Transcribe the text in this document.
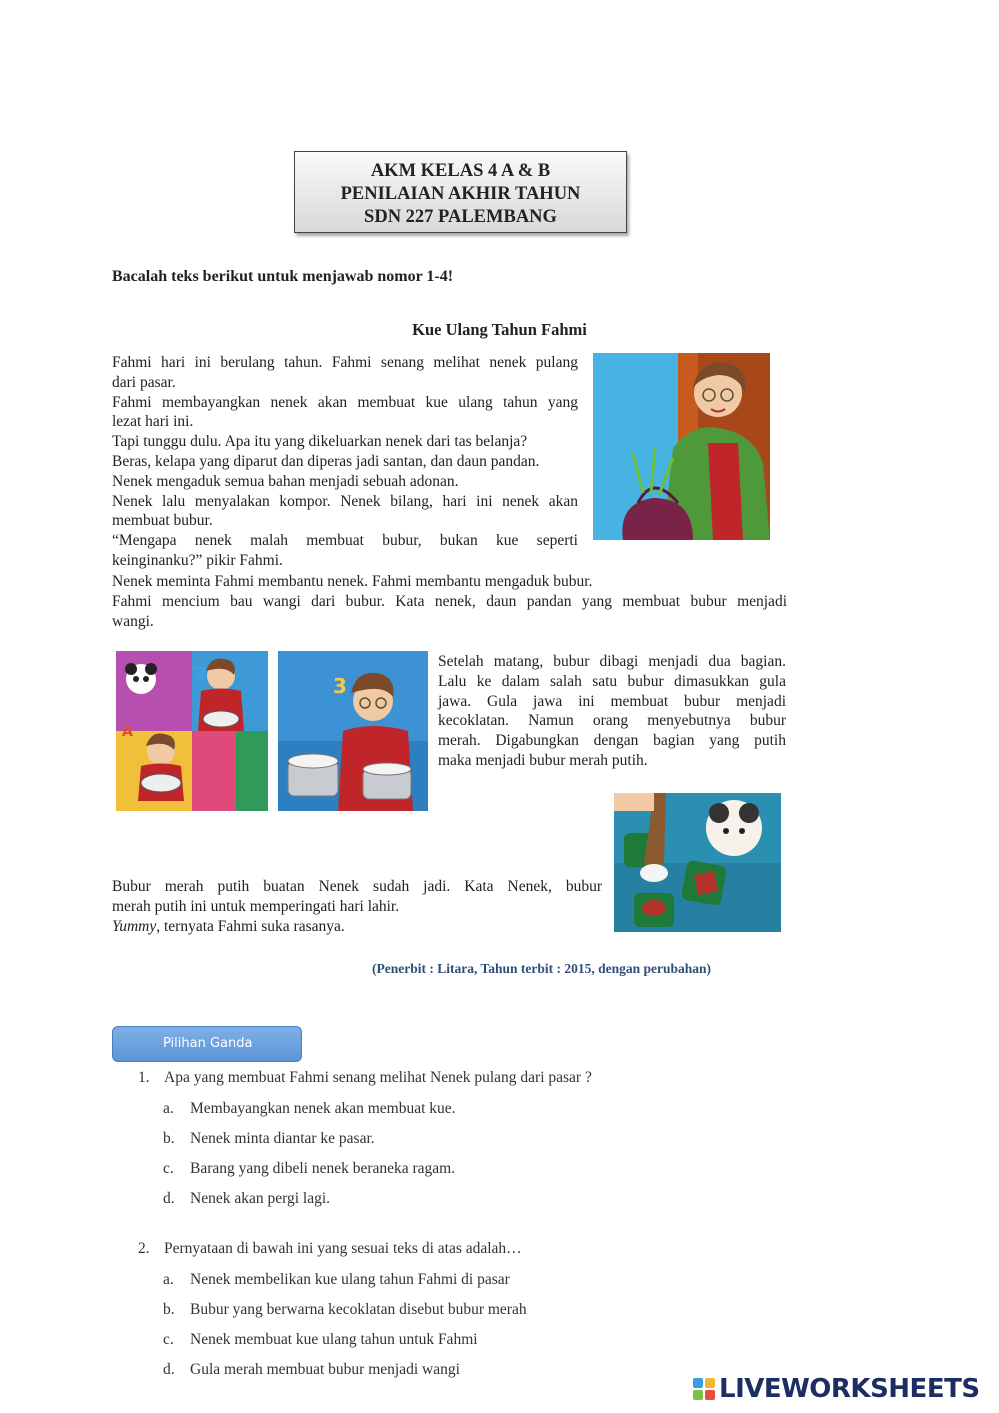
AKM KELAS 4 A & B
PENILAIAN AKHIR TAHUN
SDN 227 PALEMBANG
Bacalah teks berikut untuk menjawab nomor 1-4!
Kue Ulang Tahun Fahmi
Fahmi hari ini berulang tahun. Fahmi senang melihat nenek pulang
dari pasar.
Fahmi membayangkan nenek akan membuat kue ulang tahun yang
lezat hari ini.
Tapi tunggu dulu. Apa itu yang dikeluarkan nenek dari tas belanja?
Beras, kelapa yang diparut dan diperas jadi santan, dan daun pandan.
Nenek mengaduk semua bahan menjadi sebuah adonan.
Nenek lalu menyalakan kompor. Nenek bilang, hari ini nenek akan
membuat bubur.
“Mengapa nenek malah membuat bubur, bukan kue seperti
keinginanku?” pikir Fahmi.
Nenek meminta Fahmi membantu nenek. Fahmi membantu mengaduk bubur.
Fahmi mencium bau wangi dari bubur. Kata nenek, daun pandan yang membuat bubur menjadi
wangi.
2
A
3
Setelah matang, bubur dibagi menjadi dua bagian.
Lalu ke dalam salah satu bubur dimasukkan gula
jawa. Gula jawa ini membuat bubur menjadi
kecoklatan. Namun orang menyebutnya bubur
merah. Digabungkan dengan bagian yang putih
maka menjadi bubur merah putih.
Bubur merah putih buatan Nenek sudah jadi. Kata Nenek, bubur
merah putih ini untuk memperingati hari lahir.
Yummy, ternyata Fahmi suka rasanya.
(Penerbit : Litara, Tahun terbit : 2015, dengan perubahan)
Pilihan Ganda
1. Apa yang membuat Fahmi senang melihat Nenek pulang dari pasar ?
a. Membayangkan nenek akan membuat kue.
b. Nenek minta diantar ke pasar.
c. Barang yang dibeli nenek beraneka ragam.
d. Nenek akan pergi lagi.
2. Pernyataan di bawah ini yang sesuai teks di atas adalah…
a. Nenek membelikan kue ulang tahun Fahmi di pasar
b. Bubur yang berwarna kecoklatan disebut bubur merah
c. Nenek membuat kue ulang tahun untuk Fahmi
d. Gula merah membuat bubur menjadi wangi
LIVEWORKSHEETS
